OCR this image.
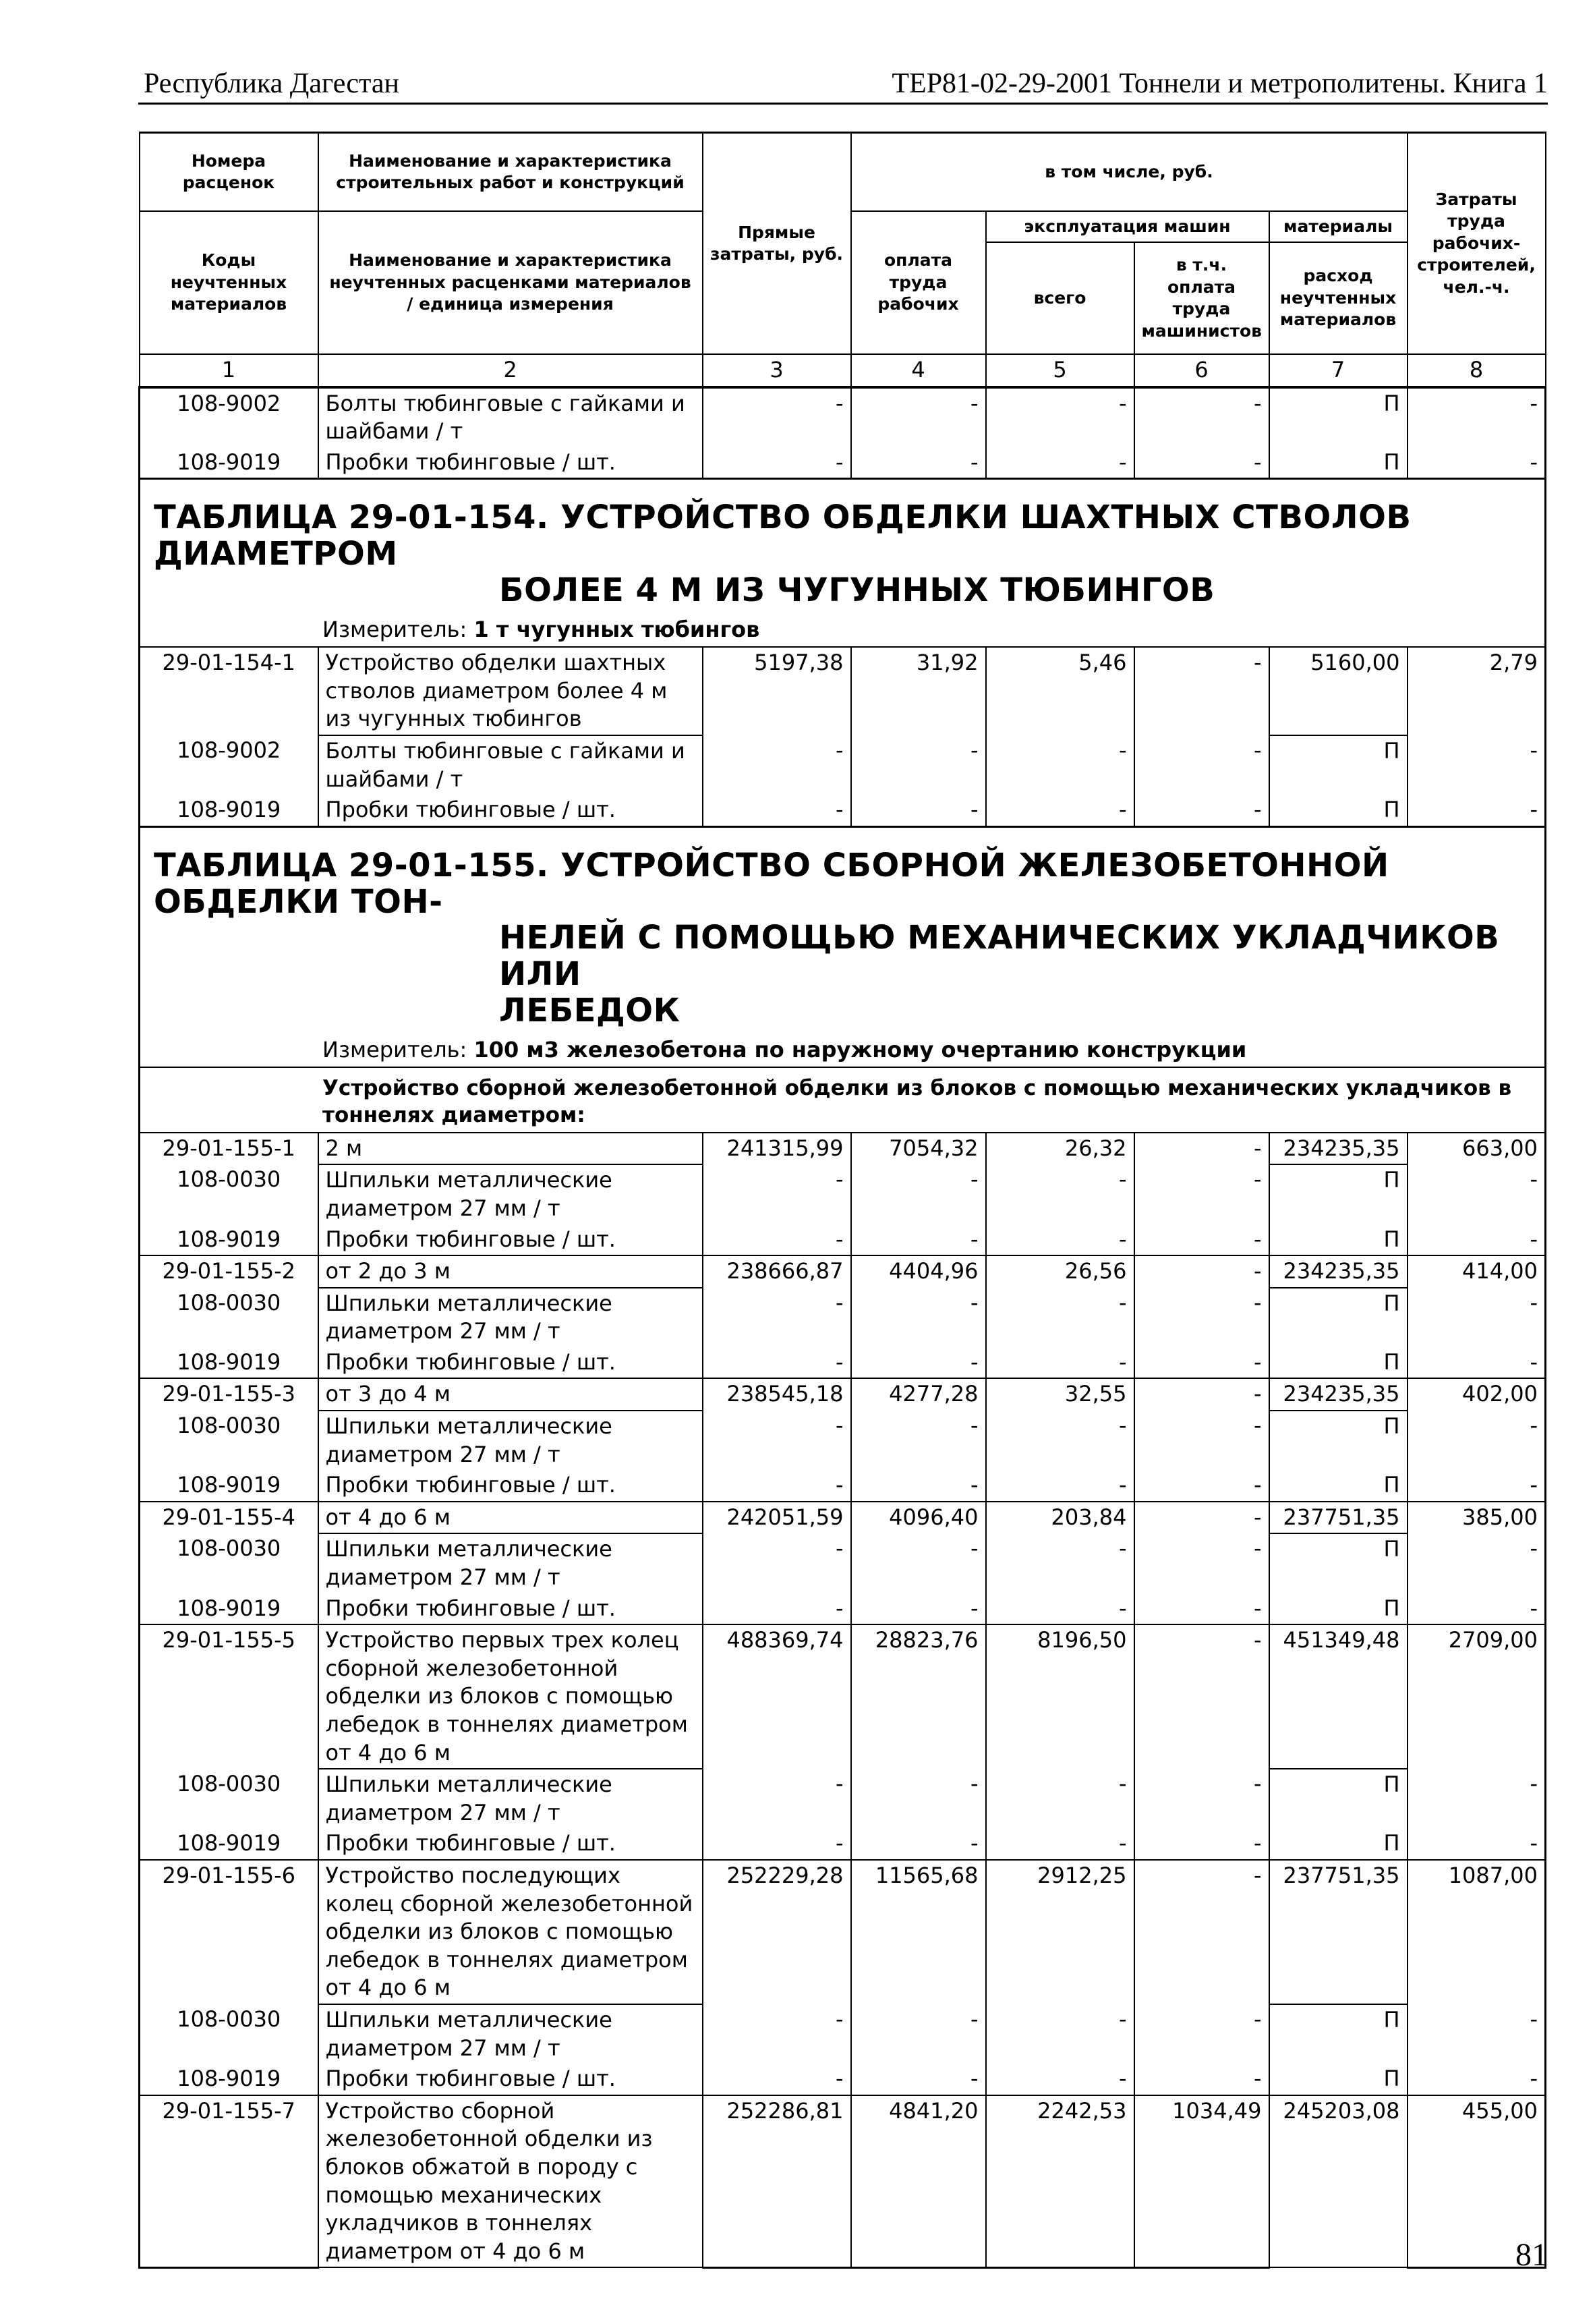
Республика Дагестан	ТЕР81-02-29-2001 Тоннели и метрополитены. Книга 1
Номера расценок	Наименование и характеристика строительных работ и конструкций	Прямые затраты, руб.	в том числе, руб.				Затраты труда рабочих-строителей, чел.-ч.
Коды неучтенных материалов	Наименование и характеристика неучтенных расценками материалов / единица измерения		оплата труда рабочих	эксплуатация машин		материалы	
				всего	в т.ч. оплата труда машинистов	расход неучтенных материалов	

1	2	3	4	5	6	7	8
108-9002	Болты тюбинговые с гайками и шайбами / т	-	-	-	-	П	-
108-9019	Пробки тюбинговые / шт.	-	-	-	-	П	-

ТАБЛИЦА 29-01-154. УСТРОЙСТВО ОБДЕЛКИ ШАХТНЫХ СТВОЛОВ ДИАМЕТРОМ
БОЛЕЕ 4 М ИЗ ЧУГУННЫХ ТЮБИНГОВ							

Измеритель: 1 т чугунных тюбингов							
29-01-154-1	Устройство обделки шахтных стволов диаметром более 4 м из чугунных тюбингов	5197,38	31,92	5,46	-	5160,00	2,79
108-9002	Болты тюбинговые с гайками и шайбами / т	-	-	-	-	П	-
108-9019	Пробки тюбинговые / шт.	-	-	-	-	П	-

ТАБЛИЦА 29-01-155. УСТРОЙСТВО СБОРНОЙ ЖЕЛЕЗОБЕТОННОЙ ОБДЕЛКИ ТОН-
НЕЛЕЙ С ПОМОЩЬЮ МЕХАНИЧЕСКИХ УКЛАДЧИКОВ ИЛИ
ЛЕБЕДОК							

Измеритель: 100 м3 железобетона по наружному очертанию конструкции							
Устройство сборной железобетонной обделки из блоков с помощью механических укладчиков в тоннелях диаметром:							
29-01-155-1	2 м	241315,99	7054,32	26,32	-	234235,35	663,00
108-0030	Шпильки металлические диаметром 27 мм / т	-	-	-	-	П	-
108-9019	Пробки тюбинговые / шт.	-	-	-	-	П	-
29-01-155-2	от 2 до 3 м	238666,87	4404,96	26,56	-	234235,35	414,00
108-0030	Шпильки металлические диаметром 27 мм / т	-	-	-	-	П	-
108-9019	Пробки тюбинговые / шт.	-	-	-	-	П	-
29-01-155-3	от 3 до 4 м	238545,18	4277,28	32,55	-	234235,35	402,00
108-0030	Шпильки металлические диаметром 27 мм / т	-	-	-	-	П	-
108-9019	Пробки тюбинговые / шт.	-	-	-	-	П	-
29-01-155-4	от 4 до 6 м	242051,59	4096,40	203,84	-	237751,35	385,00
108-0030	Шпильки металлические диаметром 27 мм / т	-	-	-	-	П	-
108-9019	Пробки тюбинговые / шт.	-	-	-	-	П	-
29-01-155-5	Устройство первых трех колец сборной железобетонной обделки из блоков с помощью лебедок в тоннелях диаметром от 4 до 6 м	488369,74	28823,76	8196,50	-	451349,48	2709,00
108-0030	Шпильки металлические диаметром 27 мм / т	-	-	-	-	П	-
108-9019	Пробки тюбинговые / шт.	-	-	-	-	П	-
29-01-155-6	Устройство последующих колец сборной железобетонной обделки из блоков с помощью лебедок в тоннелях диаметром от 4 до 6 м	252229,28	11565,68	2912,25	-	237751,35	1087,00
108-0030	Шпильки металлические диаметром 27 мм / т	-	-	-	-	П	-
108-9019	Пробки тюбинговые / шт.	-	-	-	-	П	-
29-01-155-7	Устройство сборной железобетонной обделки из блоков обжатой в породу с помощью механических укладчиков в тоннелях диаметром от 4 до 6 м	252286,81	4841,20	2242,53	1034,49	245203,08	455,00
81
